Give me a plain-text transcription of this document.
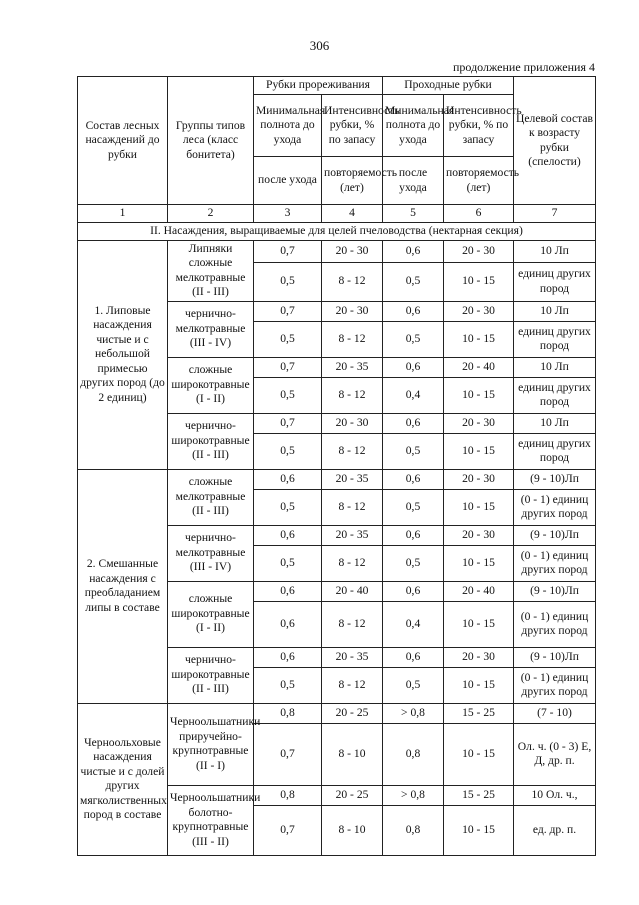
306
продолжение приложения 4
Состав лесных насаждений до рубки	Группы типов леса (класс бонитета)	Рубки прореживания		Проходные рубки		Целевой состав к возрасту рубки (спелости)
		Минимальная полнота до ухода	Интенсивность рубки, % по запасу	Минимальная полнота до ухода	Интенсивность рубки, % по запасу	
		после ухода	повторяемость (лет)	после ухода	повторяемость (лет)	
1	2	3	4	5	6	7
II. Насаждения, выращиваемые для целей пчеловодства (нектарная секция)						
1. Липовые насаждения чистые и с небольшой примесью других пород (до 2 единиц)	Липняки сложные мелкотравные (II - III)	0,7	20 - 30	0,6	20 - 30	10 Лп
		0,5	8 - 12	0,5	10 - 15	единиц других пород
	чернично-мелкотравные (III - IV)	0,7	20 - 30	0,6	20 - 30	10 Лп
		0,5	8 - 12	0,5	10 - 15	единиц других пород
	сложные широкотравные (I - II)	0,7	20 - 35	0,6	20 - 40	10 Лп
		0,5	8 - 12	0,4	10 - 15	единиц других пород
	чернично-широкотравные (II - III)	0,7	20 - 30	0,6	20 - 30	10 Лп
		0,5	8 - 12	0,5	10 - 15	единиц других пород
2. Смешанные насаждения с преобладанием липы в составе	сложные мелкотравные (II - III)	0,6	20 - 35	0,6	20 - 30	(9 - 10)Лп
		0,5	8 - 12	0,5	10 - 15	(0 - 1) единиц других пород
	чернично-мелкотравные (III - IV)	0,6	20 - 35	0,6	20 - 30	(9 - 10)Лп
		0,5	8 - 12	0,5	10 - 15	(0 - 1) единиц других пород
	сложные широкотравные (I - II)	0,6	20 - 40	0,6	20 - 40	(9 - 10)Лп
		0,6	8 - 12	0,4	10 - 15	(0 - 1) единиц других пород
	чернично-широкотравные (II - III)	0,6	20 - 35	0,6	20 - 30	(9 - 10)Лп
		0,5	8 - 12	0,5	10 - 15	(0 - 1) единиц других пород
Черноольховые насаждения чистые и с долей других мягколиственных пород в составе	Черноольшатники приручейно-крупнотравные (II - I)	0,8	20 - 25	> 0,8	15 - 25	(7 - 10)
		0,7	8 - 10	0,8	10 - 15	Ол. ч. (0 - 3) Е, Д, др. п.
	Черноольшатники болотно-крупнотравные (III - II)	0,8	20 - 25	> 0,8	15 - 25	10 Ол. ч.,
		0,7	8 - 10	0,8	10 - 15	ед. др. п.
